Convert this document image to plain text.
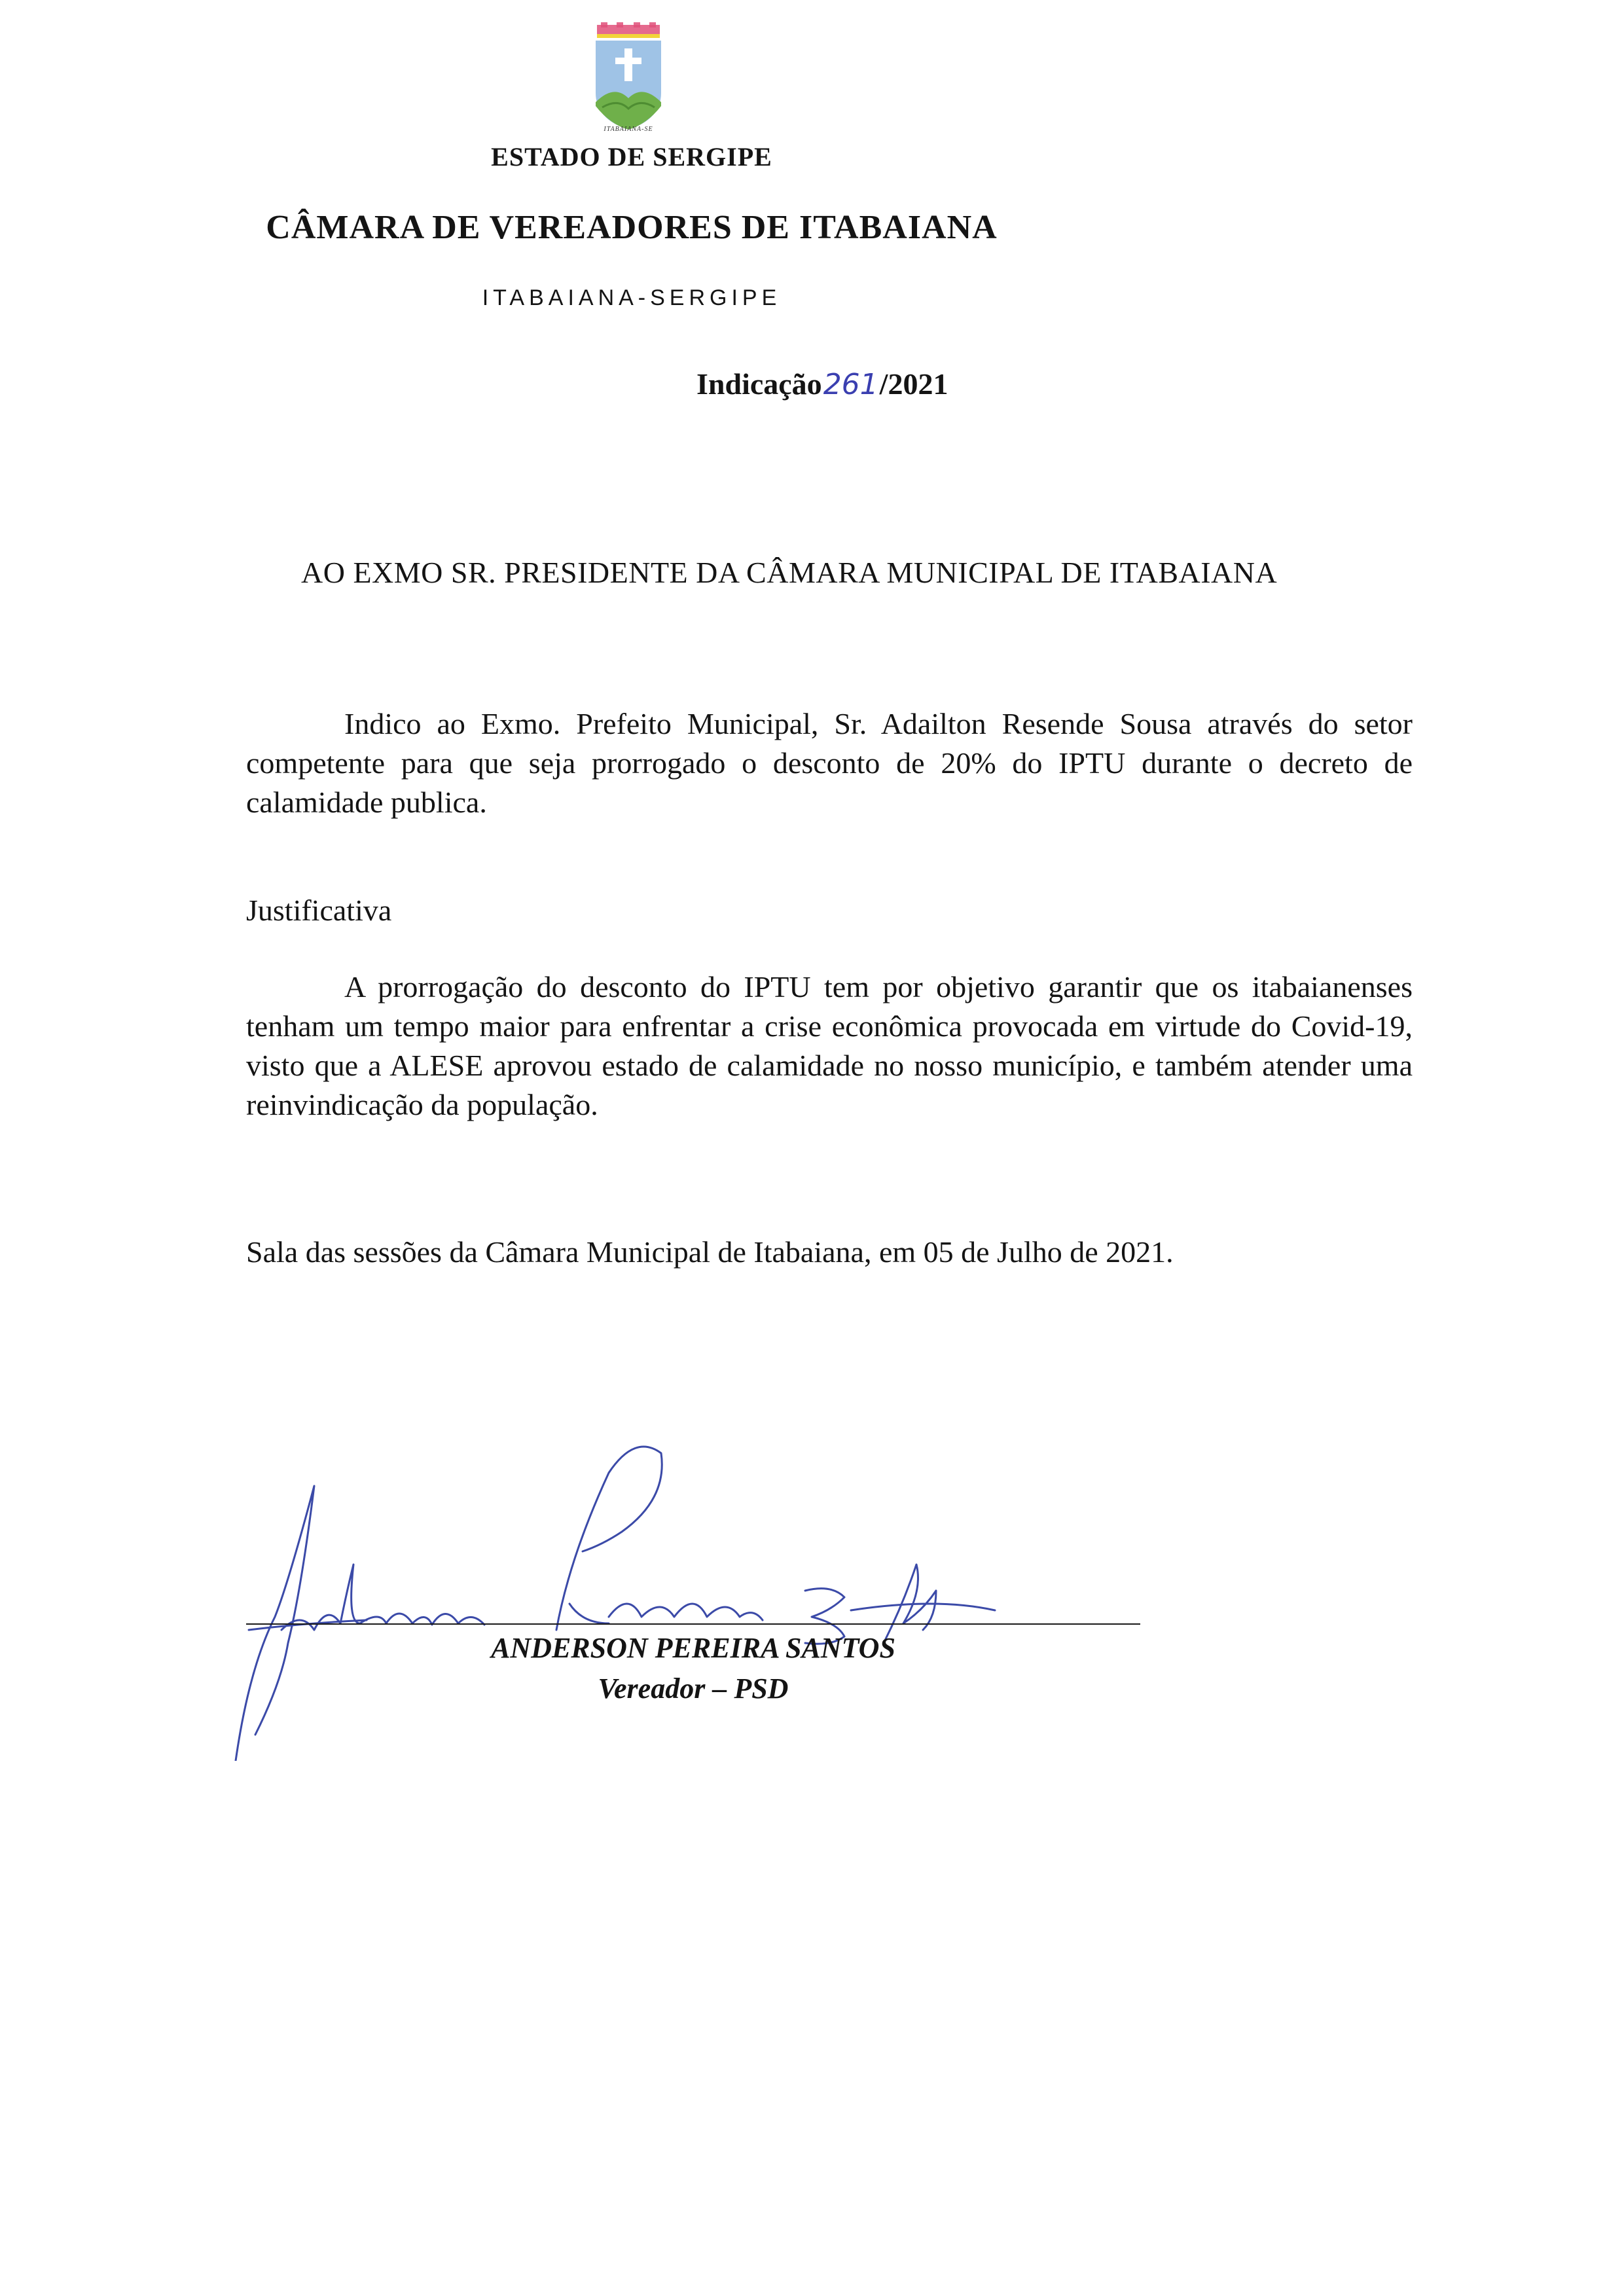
ITABAIANA-SE
ESTADO DE SERGIPE
CÂMARA DE VEREADORES DE ITABAIANA
ITABAIANA-SERGIPE
Indicação261/2021
AO EXMO SR. PRESIDENTE DA CÂMARA MUNICIPAL DE ITABAIANA
Indico ao Exmo. Prefeito Municipal, Sr. Adailton Resende Sousa através do setor competente para que seja prorrogado o desconto de 20% do IPTU durante o decreto de calamidade publica.
Justificativa
A prorrogação do desconto do IPTU tem por objetivo garantir que os itabaianenses tenham um tempo maior para enfrentar a crise econômica provocada em virtude do Covid-19, visto que a ALESE aprovou estado de calamidade no nosso município, e também atender uma reinvindicação da população.
Sala das sessões da Câmara Municipal de Itabaiana, em 05 de Julho de 2021.
ANDERSON PEREIRA SANTOS
Vereador – PSD
